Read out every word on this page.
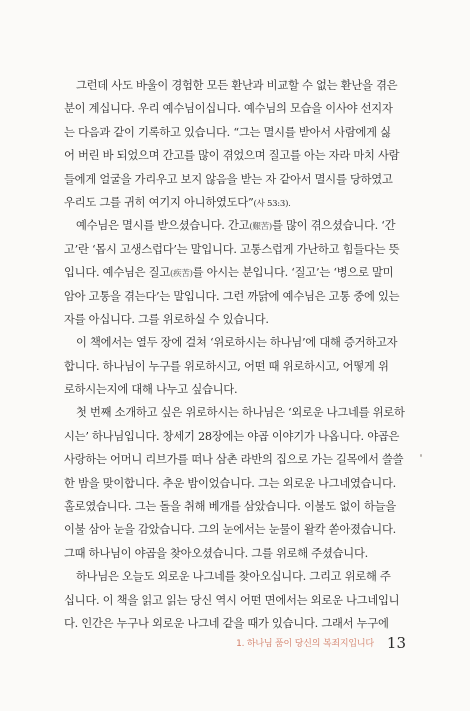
그런데 사도 바울이 경험한 모든 환난과 비교할 수 없는 환난을 겪은
분이 계십니다. 우리 예수님이십니다. 예수님의 모습을 이사야 선지자
는 다음과 같이 기록하고 있습니다. “그는 멸시를 받아서 사람에게 싫
어 버린 바 되었으며 간고를 많이 겪었으며 질고를 아는 자라 마치 사람
들에게 얼굴을 가리우고 보지 않음을 받는 자 같아서 멸시를 당하였고
우리도 그를 귀히 여기지 아니하였도다”(사 53:3).
예수님은 멸시를 받으셨습니다. 간고(艱苦)를 많이 겪으셨습니다. ‘간
고’란 ‘몹시 고생스럽다’는 말입니다. 고통스럽게 가난하고 힘들다는 뜻
입니다. 예수님은 질고(疾苦)를 아시는 분입니다. ‘질고’는 ‘병으로 말미
암아 고통을 겪는다’는 말입니다. 그런 까닭에 예수님은 고통 중에 있는
자를 아십니다. 그를 위로하실 수 있습니다.
이 책에서는 열두 장에 걸쳐 ‘위로하시는 하나님’에 대해 증거하고자
합니다. 하나님이 누구를 위로하시고, 어떤 때 위로하시고, 어떻게 위
로하시는지에 대해 나누고 싶습니다.
첫 번째 소개하고 싶은 위로하시는 하나님은 ‘외로운 나그네를 위로하
시는’ 하나님입니다. 창세기 28장에는 야곱 이야기가 나옵니다. 야곱은
사랑하는 어머니 리브가를 떠나 삼촌 라반의 집으로 가는 길목에서 쓸쓸
한 밤을 맞이합니다. 추운 밤이었습니다. 그는 외로운 나그네였습니다.
홀로였습니다. 그는 돌을 취해 베개를 삼았습니다. 이불도 없이 하늘을
이불 삼아 눈을 감았습니다. 그의 눈에서는 눈물이 왈칵 쏟아졌습니다.
그때 하나님이 야곱을 찾아오셨습니다. 그를 위로해 주셨습니다.
하나님은 오늘도 외로운 나그네를 찾아오십니다. 그리고 위로해 주
십니다. 이 책을 읽고 읽는 당신 역시 어떤 면에서는 외로운 나그네입니
다. 인간은 누구나 외로운 나그네 같을 때가 있습니다. 그래서 누구에
1. 하나님 품이 당신의 복죄지입니다 13
